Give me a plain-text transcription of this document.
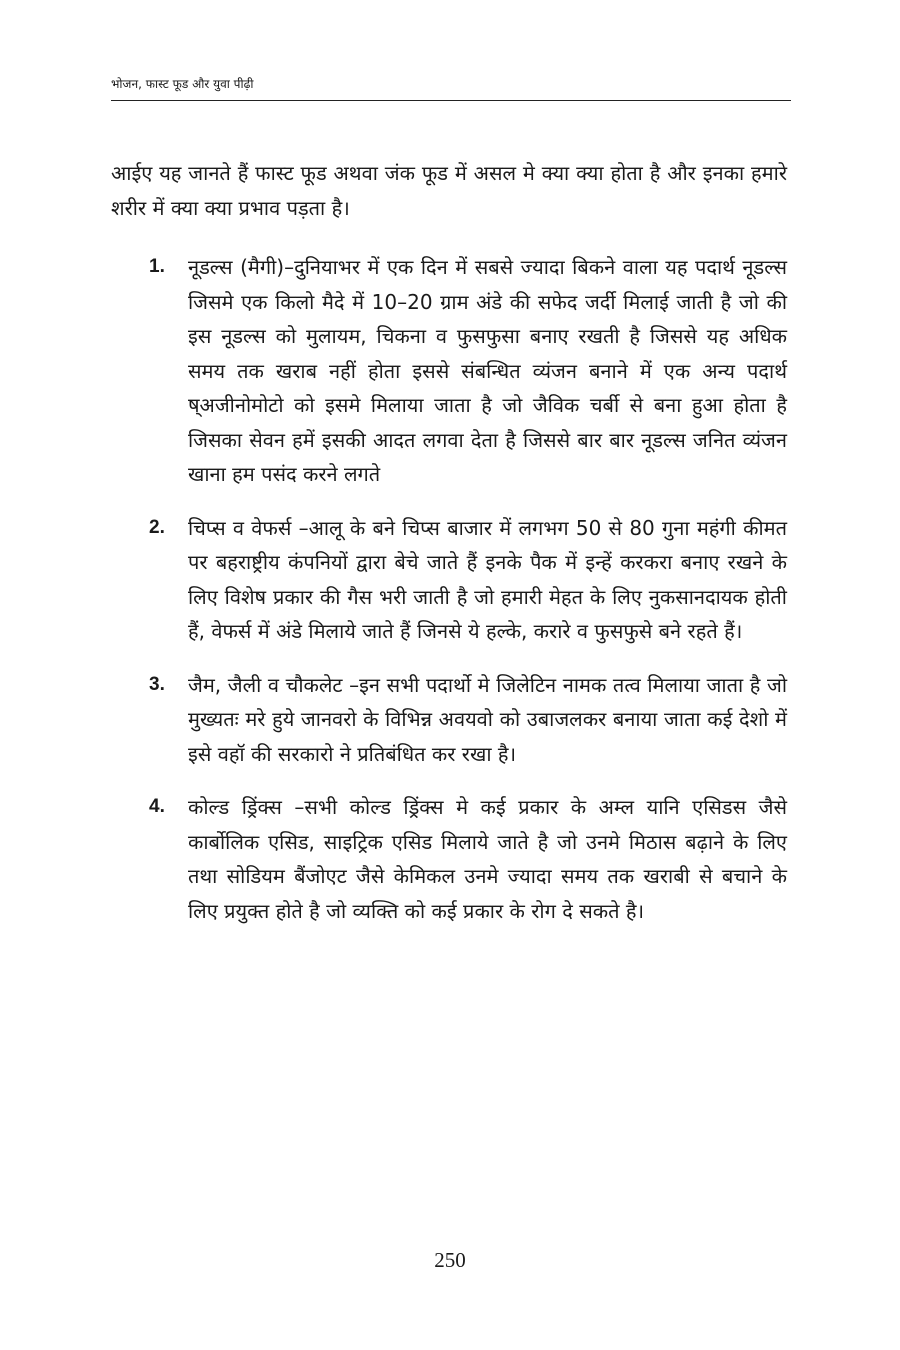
भोजन, फास्ट फूड और युवा पीढ़ी

आईए यह जानते हैं फास्ट फूड अथवा जंक फूड में असल मे क्या क्या होता है और इनका हमारे शरीर में क्या क्या प्रभाव पड़ता है।

1. नूडल्स (मैगी)–दुनियाभर में एक दिन में सबसे ज्यादा बिकने वाला यह पदार्थ नूडल्स जिसमे एक किलो मैदे में 10–20 ग्राम अंडे की सफेद जर्दी मिलाई जाती है जो की इस नूडल्स को मुलायम, चिकना व फुसफुसा बनाए रखती है जिससे यह अधिक समय तक खराब नहीं होता इससे संबन्धित व्यंजन बनाने में एक अन्य पदार्थ ष्अजीनोमोटो को इसमे मिलाया जाता है जो जैविक चर्बी से बना हुआ होता है जिसका सेवन हमें इसकी आदत लगवा देता है जिससे बार बार नूडल्स जनित व्यंजन खाना हम पसंद करने लगते
2. चिप्स व वेफर्स –आलू के बने चिप्स बाजार में लगभग 50 से 80 गुना महंगी कीमत पर बहराष्ट्रीय कंपनियों द्वारा बेचे जाते हैं इनके पैक में इन्हें करकरा बनाए रखने के लिए विशेष प्रकार की गैस भरी जाती है जो हमारी मेहत के लिए नुकसानदायक होती हैं, वेफर्स में अंडे मिलाये जाते हैं जिनसे ये हल्के, करारे व फुसफुसे बने रहते हैं।
3. जैम, जैली व चौकलेट –इन सभी पदार्थो मे जिलेटिन नामक तत्व मिलाया जाता है जो मुख्यतः मरे हुये जानवरो के विभिन्न अवयवो को उबाजलकर बनाया जाता कई देशो में इसे वहॉ की सरकारो ने प्रतिबंधित कर रखा है।
4. कोल्ड ड्रिंक्स –सभी कोल्ड ड्रिंक्स मे कई प्रकार के अम्ल यानि एसिडस जैसे कार्बोलिक एसिड, साइट्रिक एसिड मिलाये जाते है जो उनमे मिठास बढ़ाने के लिए तथा सोडियम बैंजोएट जैसे केमिकल उनमे ज्यादा समय तक खराबी से बचाने के लिए प्रयुक्त होते है जो व्यक्ति को कई प्रकार के रोग दे सकते है।
250
